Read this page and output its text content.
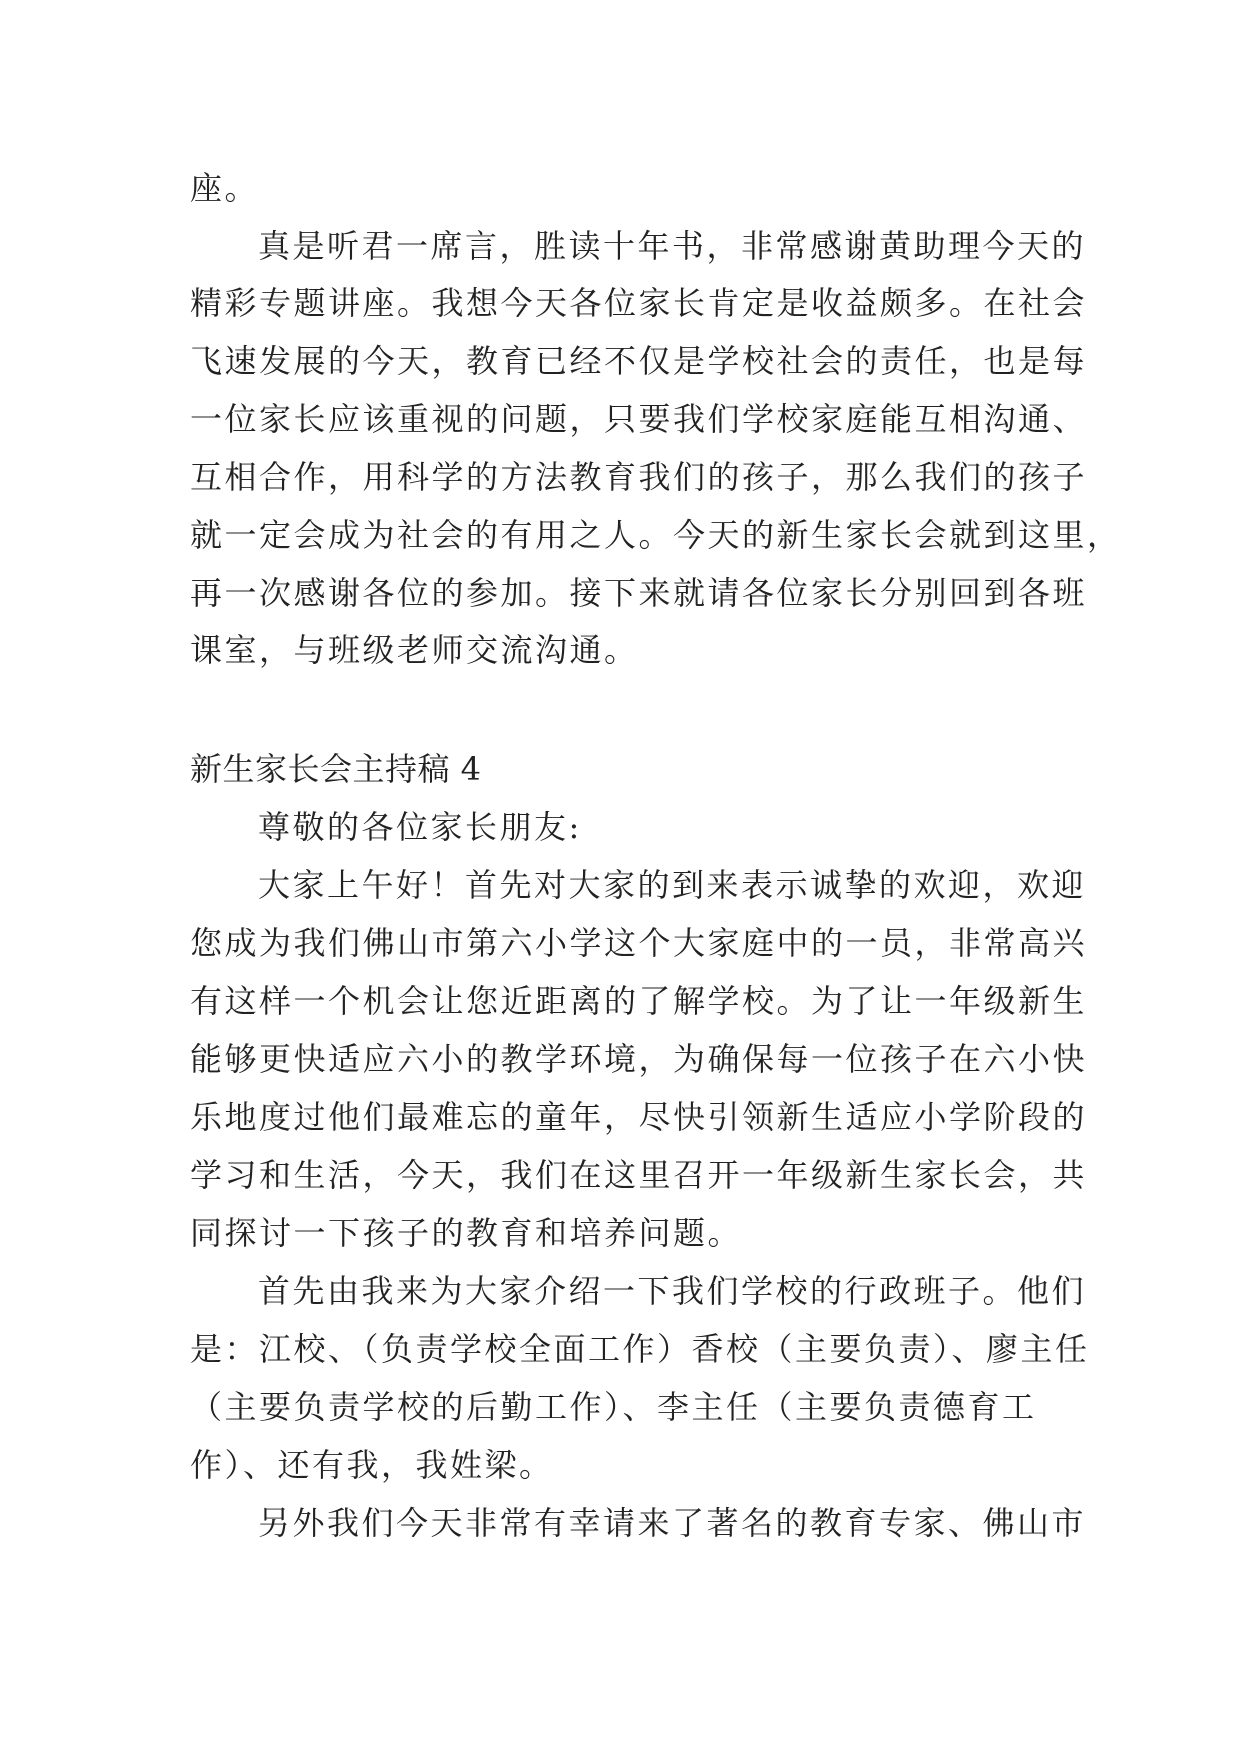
座。
真是听君一席言，胜读十年书，非常感谢黄助理今天的
精彩专题讲座。我想今天各位家长肯定是收益颇多。在社会
飞速发展的今天，教育已经不仅是学校社会的责任，也是每
一位家长应该重视的问题，只要我们学校家庭能互相沟通、
互相合作，用科学的方法教育我们的孩子，那么我们的孩子
就一定会成为社会的有用之人。今天的新生家长会就到这里，
再一次感谢各位的参加。接下来就请各位家长分别回到各班
课室，与班级老师交流沟通。
新生家长会主持稿 4
尊敬的各位家长朋友:
大家上午好！首先对大家的到来表示诚挚的欢迎，欢迎
您成为我们佛山市第六小学这个大家庭中的一员，非常高兴
有这样一个机会让您近距离的了解学校。为了让一年级新生
能够更快适应六小的教学环境，为确保每一位孩子在六小快
乐地度过他们最难忘的童年，尽快引领新生适应小学阶段的
学习和生活，今天，我们在这里召开一年级新生家长会，共
同探讨一下孩子的教育和培养问题。
首先由我来为大家介绍一下我们学校的行政班子。他们
是：江校、（负责学校全面工作）香校（主要负责）、廖主任
（主要负责学校的后勤工作）、李主任（主要负责德育工
作）、还有我，我姓梁。
另外我们今天非常有幸请来了著名的教育专家、佛山市
